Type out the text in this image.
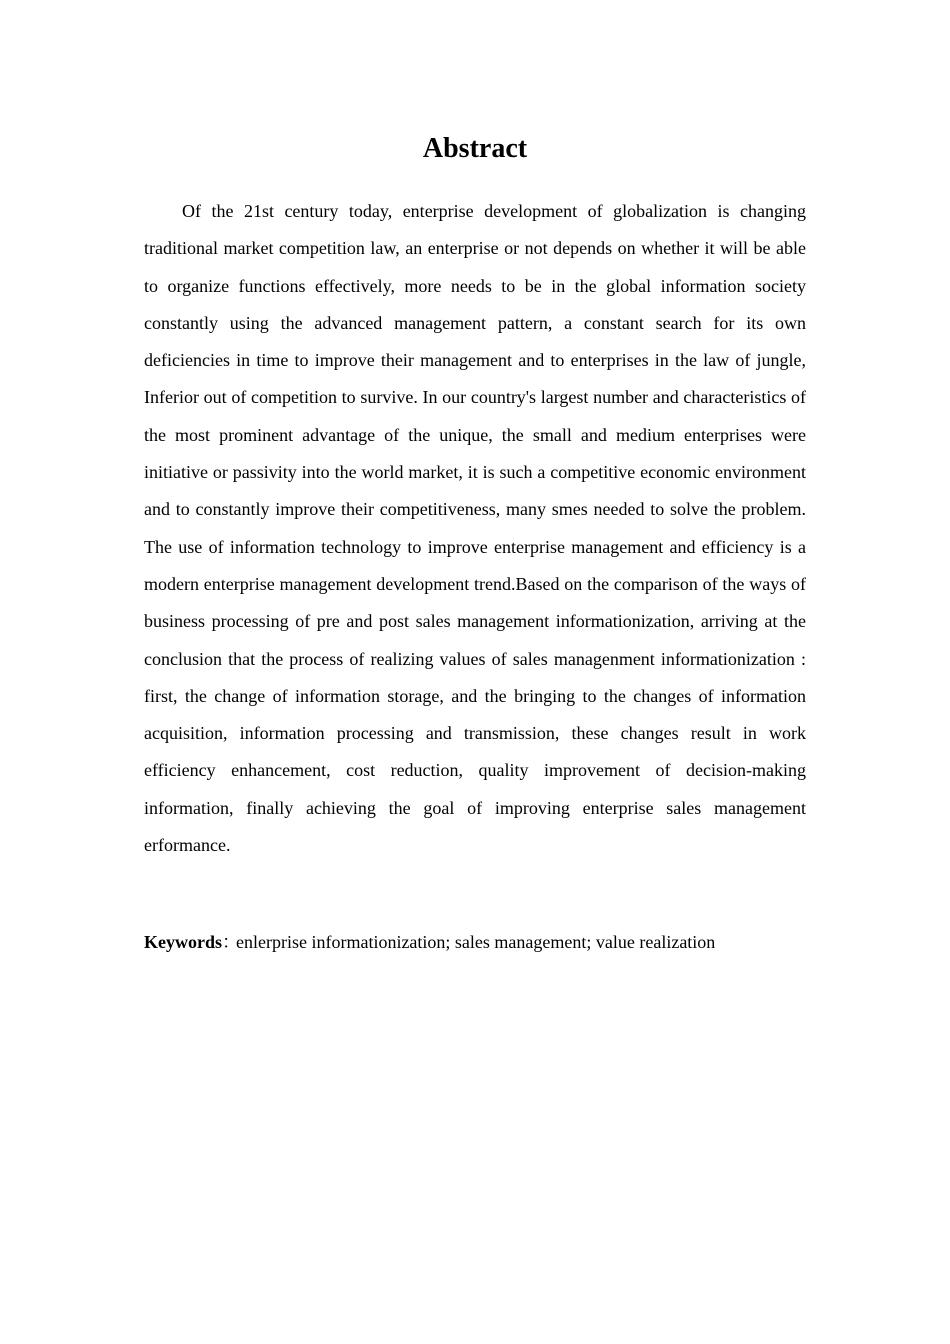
Abstract

Of the 21st century today, enterprise development of globalization is changing traditional market competition law, an enterprise or not depends on whether it will be able to organize functions effectively, more needs to be in the global information society constantly using the advanced management pattern, a constant search for its own deficiencies in time to improve their management and to enterprises in the law of jungle, Inferior out of competition to survive. In our country's largest number and characteristics of the most prominent advantage of the unique, the small and medium enterprises were initiative or passivity into the world market, it is such a competitive economic environment and to constantly improve their competitiveness, many smes needed to solve the problem. The use of information technology to improve enterprise management and efficiency is a modern enterprise management development trend.Based on the comparison of the ways of business processing of pre and post sales management informationization, arriving at the conclusion that the process of realizing values of sales managenment informationization : first, the change of information storage, and the bringing to the changes of information acquisition, information processing and transmission, these changes result in work efficiency enhancement, cost reduction, quality improvement of decision-making information, finally achieving the goal of improving enterprise sales management erformance.

Keywords：enlerprise informationization; sales management; value realization
